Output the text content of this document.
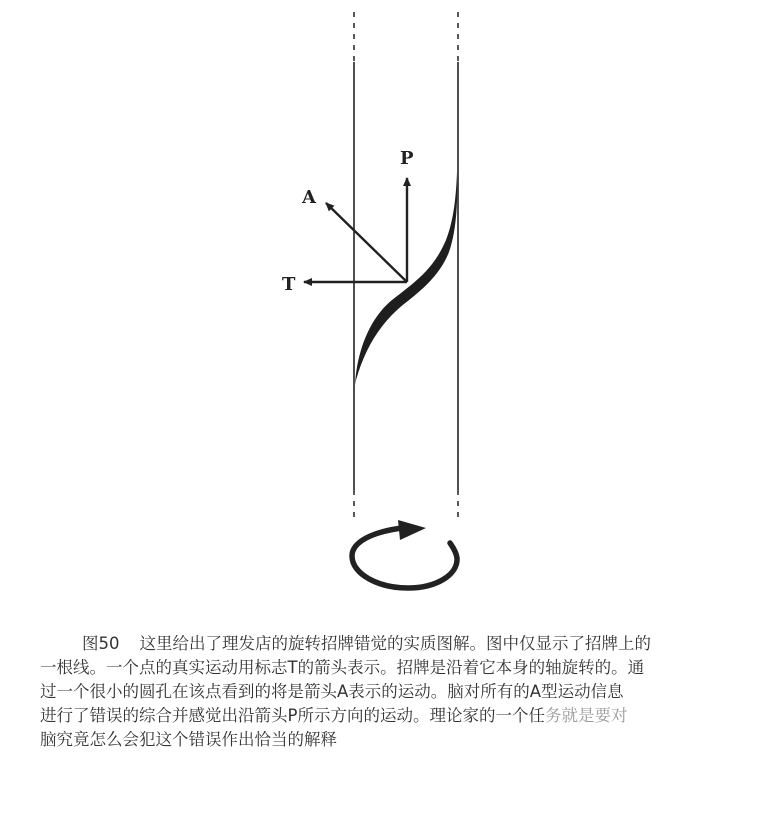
P
A
T
图50 这里给出了理发店的旋转招牌错觉的实质图解。图中仅显示了招牌上的
一根线。一个点的真实运动用标志T的箭头表示。招牌是沿着它本身的轴旋转的。通
过一个很小的圆孔在该点看到的将是箭头A表示的运动。脑对所有的A型运动信息
进行了错误的综合并感觉出沿箭头P所示方向的运动。理论家的一个任务就是要对
脑究竟怎么会犯这个错误作出恰当的解释
